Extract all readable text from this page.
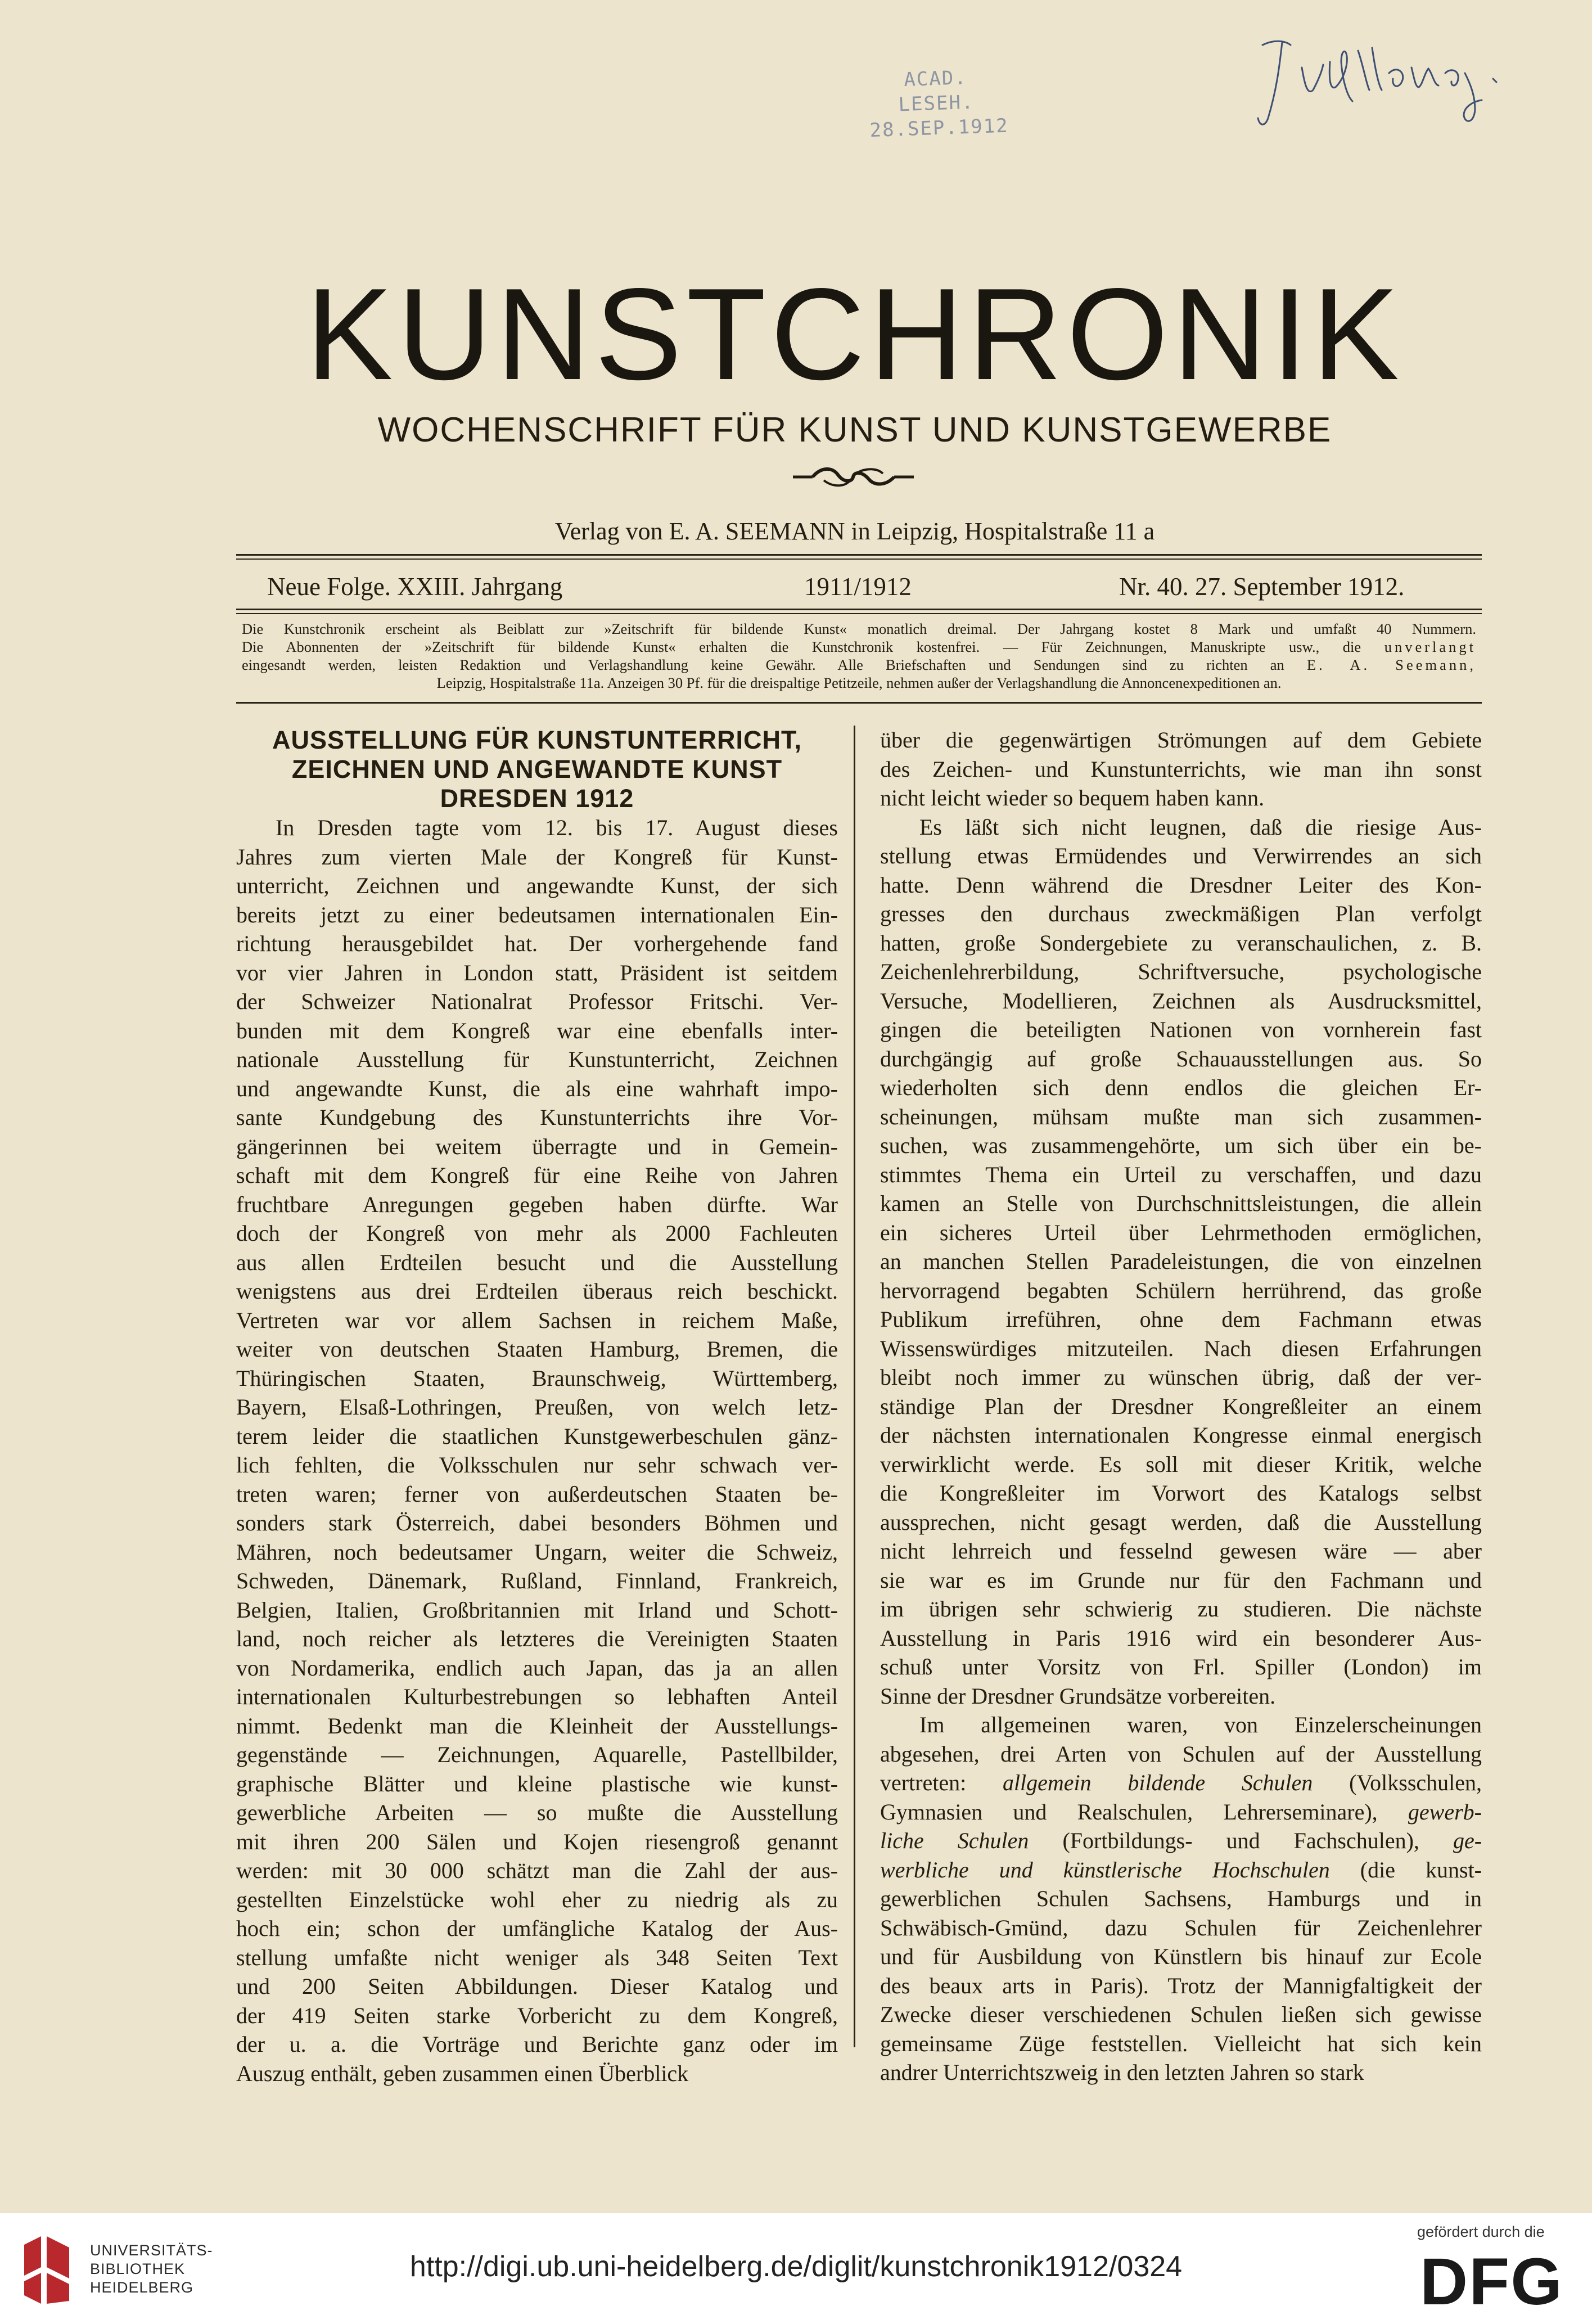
ACAD. LESEH.
28.SEP.1912
KUNSTCHRONIK
WOCHENSCHRIFT FÜR KUNST UND KUNSTGEWERBE
Verlag von E. A. SEEMANN in Leipzig, Hospitalstraße 11 a
Neue Folge. XXIII. Jahrgang	1911/1912	Nr. 40. 27. September 1912.

Die Kunstchronik erscheint als Beiblatt zur »Zeitschrift für bildende Kunst« monatlich dreimal. Der Jahrgang kostet 8 Mark und umfaßt 40 Nummern.

Die Abonnenten der »Zeitschrift für bildende Kunst« erhalten die Kunstchronik kostenfrei. — Für Zeichnungen, Manuskripte usw., die unverlangt

eingesandt werden, leisten Redaktion und Verlagshandlung keine Gewähr. Alle Briefschaften und Sendungen sind zu richten an E. A. Seemann,

Leipzig, Hospitalstraße 11a. Anzeigen 30 Pf. für die dreispaltige Petitzeile, nehmen außer der Verlagshandlung die Annoncenexpeditionen an.

AUSSTELLUNG FÜR KUNSTUNTERRICHT,
ZEICHNEN UND ANGEWANDTE KUNST
DRESDEN 1912

In Dresden tagte vom 12. bis 17. August dieses

Jahres zum vierten Male der Kongreß für Kunst-

unterricht, Zeichnen und angewandte Kunst, der sich

bereits jetzt zu einer bedeutsamen internationalen Ein-

richtung herausgebildet hat. Der vorhergehende fand

vor vier Jahren in London statt, Präsident ist seitdem

der Schweizer Nationalrat Professor Fritschi. Ver-

bunden mit dem Kongreß war eine ebenfalls inter-

nationale Ausstellung für Kunstunterricht, Zeichnen

und angewandte Kunst, die als eine wahrhaft impo-

sante Kundgebung des Kunstunterrichts ihre Vor-

gängerinnen bei weitem überragte und in Gemein-

schaft mit dem Kongreß für eine Reihe von Jahren

fruchtbare Anregungen gegeben haben dürfte. War

doch der Kongreß von mehr als 2000 Fachleuten

aus allen Erdteilen besucht und die Ausstellung

wenigstens aus drei Erdteilen überaus reich beschickt.

Vertreten war vor allem Sachsen in reichem Maße,

weiter von deutschen Staaten Hamburg, Bremen, die

Thüringischen Staaten, Braunschweig, Württemberg,

Bayern, Elsaß-Lothringen, Preußen, von welch letz-

terem leider die staatlichen Kunstgewerbeschulen gänz-

lich fehlten, die Volksschulen nur sehr schwach ver-

treten waren; ferner von außerdeutschen Staaten be-

sonders stark Österreich, dabei besonders Böhmen und

Mähren, noch bedeutsamer Ungarn, weiter die Schweiz,

Schweden, Dänemark, Rußland, Finnland, Frankreich,

Belgien, Italien, Großbritannien mit Irland und Schott-

land, noch reicher als letzteres die Vereinigten Staaten

von Nordamerika, endlich auch Japan, das ja an allen

internationalen Kulturbestrebungen so lebhaften Anteil

nimmt. Bedenkt man die Kleinheit der Ausstellungs-

gegenstände — Zeichnungen, Aquarelle, Pastellbilder,

graphische Blätter und kleine plastische wie kunst-

gewerbliche Arbeiten — so mußte die Ausstellung

mit ihren 200 Sälen und Kojen riesengroß genannt

werden: mit 30 000 schätzt man die Zahl der aus-

gestellten Einzelstücke wohl eher zu niedrig als zu

hoch ein; schon der umfängliche Katalog der Aus-

stellung umfaßte nicht weniger als 348 Seiten Text

und 200 Seiten Abbildungen. Dieser Katalog und

der 419 Seiten starke Vorbericht zu dem Kongreß,

der u. a. die Vorträge und Berichte ganz oder im

Auszug enthält, geben zusammen einen Überblick

über die gegenwärtigen Strömungen auf dem Gebiete

des Zeichen- und Kunstunterrichts, wie man ihn sonst

nicht leicht wieder so bequem haben kann.

Es läßt sich nicht leugnen, daß die riesige Aus-

stellung etwas Ermüdendes und Verwirrendes an sich

hatte. Denn während die Dresdner Leiter des Kon-

gresses den durchaus zweckmäßigen Plan verfolgt

hatten, große Sondergebiete zu veranschaulichen, z. B.

Zeichenlehrerbildung, Schriftversuche, psychologische

Versuche, Modellieren, Zeichnen als Ausdrucksmittel,

gingen die beteiligten Nationen von vornherein fast

durchgängig auf große Schauausstellungen aus. So

wiederholten sich denn endlos die gleichen Er-

scheinungen, mühsam mußte man sich zusammen-

suchen, was zusammengehörte, um sich über ein be-

stimmtes Thema ein Urteil zu verschaffen, und dazu

kamen an Stelle von Durchschnittsleistungen, die allein

ein sicheres Urteil über Lehrmethoden ermöglichen,

an manchen Stellen Paradeleistungen, die von einzelnen

hervorragend begabten Schülern herrührend, das große

Publikum irreführen, ohne dem Fachmann etwas

Wissenswürdiges mitzuteilen. Nach diesen Erfahrungen

bleibt noch immer zu wünschen übrig, daß der ver-

ständige Plan der Dresdner Kongreßleiter an einem

der nächsten internationalen Kongresse einmal energisch

verwirklicht werde. Es soll mit dieser Kritik, welche

die Kongreßleiter im Vorwort des Katalogs selbst

aussprechen, nicht gesagt werden, daß die Ausstellung

nicht lehrreich und fesselnd gewesen wäre — aber

sie war es im Grunde nur für den Fachmann und

im übrigen sehr schwierig zu studieren. Die nächste

Ausstellung in Paris 1916 wird ein besonderer Aus-

schuß unter Vorsitz von Frl. Spiller (London) im

Sinne der Dresdner Grundsätze vorbereiten.

Im allgemeinen waren, von Einzelerscheinungen

abgesehen, drei Arten von Schulen auf der Ausstellung

vertreten: allgemein bildende Schulen (Volksschulen,

Gymnasien und Realschulen, Lehrerseminare), gewerb-

liche Schulen (Fortbildungs- und Fachschulen), ge-

werbliche und künstlerische Hochschulen (die kunst-

gewerblichen Schulen Sachsens, Hamburgs und in

Schwäbisch-Gmünd, dazu Schulen für Zeichenlehrer

und für Ausbildung von Künstlern bis hinauf zur Ecole

des beaux arts in Paris). Trotz der Mannigfaltigkeit der

Zwecke dieser verschiedenen Schulen ließen sich gewisse

gemeinsame Züge feststellen. Vielleicht hat sich kein

andrer Unterrichtszweig in den letzten Jahren so stark

UNIVERSITÄTS-
BIBLIOTHEK
HEIDELBERG
http://digi.ub.uni-heidelberg.de/diglit/kunstchronik1912/0324
gefördert durch die
DFG
